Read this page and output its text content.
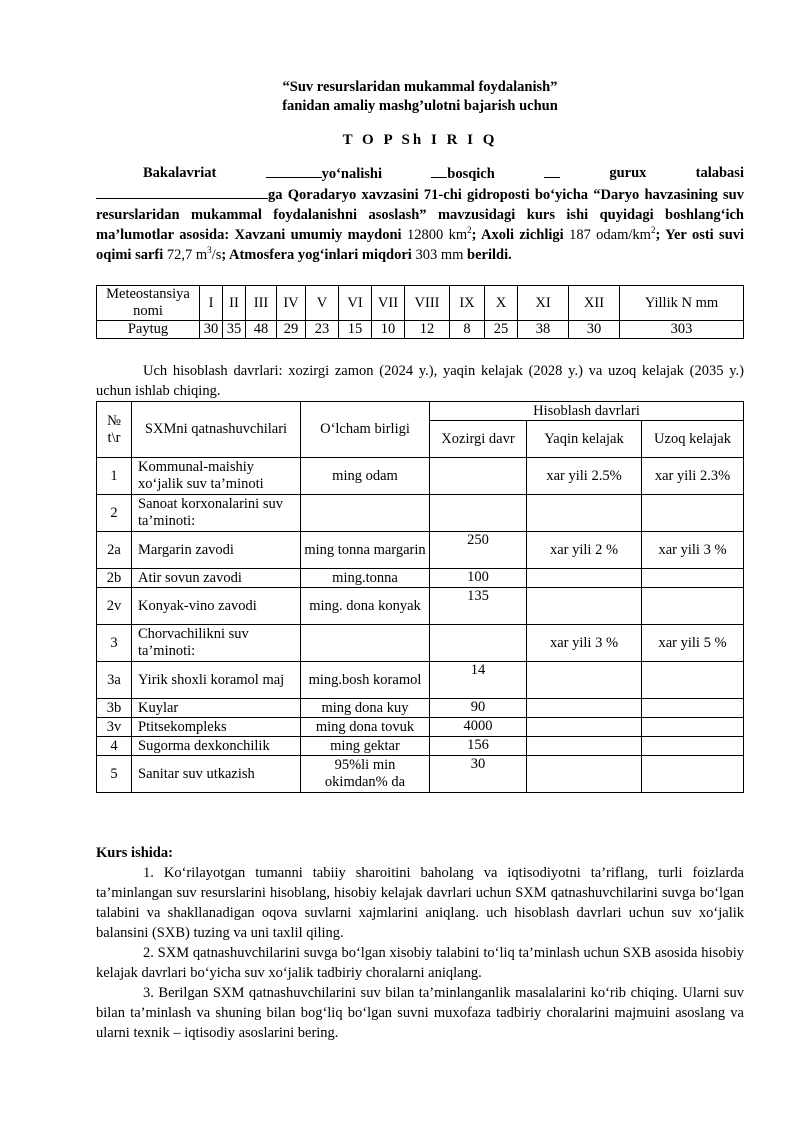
“Suv resurslaridan mukammal foydalanish”
fanidan amaliy mashg’ulotni bajarish uchun
T O P Sh I R I Q

Bakalavriat	yo‘nalishi	bosqich	gurux	talabasi

ga Qoradaryo xavzasini 71-chi gidroposti bo‘yicha “Daryo havzasining suv resurslaridan mukammal foydalanishni asoslash” mavzusidagi kurs ishi quyidagi boshlang‘ich ma’lumotlar asosida: Xavzani umumiy maydoni 12800 $km^2$; Axoli zichligi 187 odam/$km^2$; Yer osti suvi oqimi sarfi 72,7 $m^3/s$; Atmosfera yog‘inlari miqdori 303 mm berildi.

Meteostansiya nomi	I	II	III	IV	V	VI	VII	VIII	IX	X	XI	XII	Yillik N mm
Paytug	30	35	48	29	23	15	10	12	8	25	38	30	303

Uch hisoblash davrlari: xozirgi zamon (2024 y.), yaqin kelajak (2028 y.) va uzoq kelajak (2035 y.) uchun ishlab chiqing.

№ t\r	SXMni qatnashuvchilari	O‘lcham birligi	Hisoblash davrlari		
			Xozirgi davr	Yaqin kelajak	Uzoq kelajak
1	Kommunal-maishiy xo‘jalik suv ta’minoti	ming odam		xar yili 2.5%	xar yili 2.3%
2	Sanoat korxonalarini suv ta’minoti:				
2a	Margarin zavodi	ming tonna margarin	250	xar yili 2 %	xar yili 3 %
2b	Atir sovun zavodi	ming.tonna	100		
2v	Konyak-vino zavodi	ming. dona konyak	135		
3	Chorvachilikni suv ta’minoti:			xar yili 3 %	xar yili 5 %
3a	Yirik shoxli koramol maj	ming.bosh koramol	14		
3b	Kuylar	ming dona kuy	90		
3v	Ptitsekompleks	ming dona tovuk	4000		
4	Sugorma dexkonchilik	ming gektar	156		
5	Sanitar suv utkazish	95%li min okimdan% da	30		

Kurs ishida:

1. Ko‘rilayotgan tumanni tabiiy sharoitini baholang va iqtisodiyotni ta’riflang, turli foizlarda ta’minlangan suv resurslarini hisoblang, hisobiy kelajak davrlari uchun SXM qatnashuvchilarini suvga bo‘lgan talabini va shakllanadigan oqova suvlarni xajmlarini aniqlang. uch hisoblash davrlari uchun suv xo‘jalik balansini (SXB) tuzing va uni taxlil qiling.

2. SXM qatnashuvchilarini suvga bo‘lgan xisobiy talabini to‘liq ta’minlash uchun SXB asosida hisobiy kelajak davrlari bo‘yicha suv xo‘jalik tadbiriy choralarni aniqlang.

3. Berilgan SXM qatnashuvchilarini suv bilan ta’minlanganlik masalalarini ko‘rib chiqing. Ularni suv bilan ta’minlash va shuning bilan bog‘liq bo‘lgan suvni muxofaza tadbiriy choralarini majmuini asoslang va ularni texnik – iqtisodiy asoslarini bering.
